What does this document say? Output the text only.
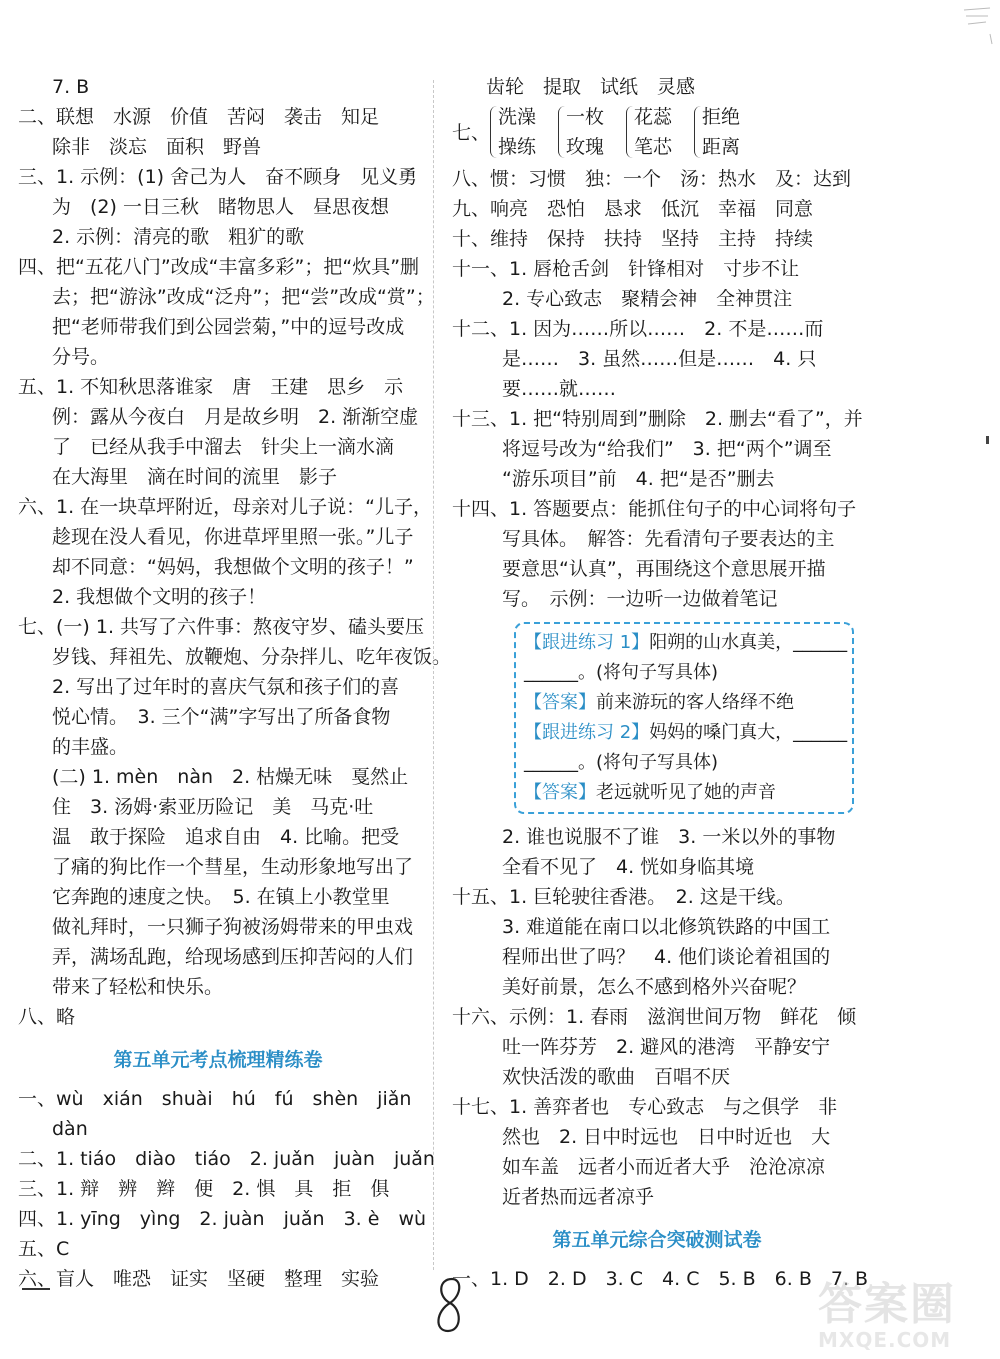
7. B
二、联想　水源　价值　苦闷　袭击　知足
除非　淡忘　面积　野兽
三、1. 示例：(1) 舍己为人　奋不顾身　见义勇
为　(2) 一日三秋　睹物思人　昼思夜想
2. 示例：清亮的歌　粗犷的歌
四、把“五花八门”改成“丰富多彩”；把“炊具”删
去；把“游泳”改成“泛舟”；把“尝”改成“赏”；
把“老师带我们到公园尝菊，”中的逗号改成
分号。
五、1. 不知秋思落谁家　唐　王建　思乡　示
例：露从今夜白　月是故乡明　2. 渐渐空虚
了　已经从我手中溜去　针尖上一滴水滴
在大海里　滴在时间的流里　影子
六、1. 在一块草坪附近，母亲对儿子说：“儿子，
趁现在没人看见，你进草坪里照一张。”儿子
却不同意：“妈妈，我想做个文明的孩子！”
2. 我想做个文明的孩子！
七、(一) 1. 共写了六件事：熬夜守岁、磕头要压
岁钱、拜祖先、放鞭炮、分杂拌儿、吃年夜饭。
2. 写出了过年时的喜庆气氛和孩子们的喜
悦心情。　3. 三个“满”字写出了所备食物
的丰盛。
(二) 1. mèn　nàn　2. 枯燥无味　戛然止
住　3. 汤姆·索亚历险记　美　马克·吐
温　敢于探险　追求自由　4. 比喻。把受
了痛的狗比作一个彗星，生动形象地写出了
它奔跑的速度之快。　5. 在镇上小教堂里
做礼拜时，一只狮子狗被汤姆带来的甲虫戏
弄，满场乱跑，给现场感到压抑苦闷的人们
带来了轻松和快乐。
八、略
第五单元考点梳理精练卷
一、wù　xián　shuài　hú　fú　shèn　jiǎn
dàn
二、1. tiáo　diào　tiáo　2. juǎn　juàn　juǎn
三、1. 辩　辨　辫　便　2. 惧　具　拒　俱
四、1. yīng　yìng　2. juàn　juǎn　3. è　wù
五、C
六、盲人　唯恐　证实　坚硬　整理　实验
齿轮　提取　试纸　灵感
七、
洗澡
操练
一枚
玫瑰
花蕊
笔芯
拒绝
距离
八、惯：习惯　独：一个　汤：热水　及：达到
九、响亮　恐怕　恳求　低沉　幸福　同意
十、维持　保持　扶持　坚持　主持　持续
十一、1. 唇枪舌剑　针锋相对　寸步不让
2. 专心致志　聚精会神　全神贯注
十二、1. 因为……所以……　2. 不是……而
是……　3. 虽然……但是……　4. 只
要……就……
十三、1. 把“特别周到”删除　2. 删去“看了”，并
将逗号改为“给我们”　3. 把“两个”调至
“游乐项目”前　4. 把“是否”删去
十四、1. 答题要点：能抓住句子的中心词将句子
写具体。　解答：先看清句子要表达的主
要意思“认真”，再围绕这个意思展开描
写。　示例：一边听一边做着笔记
【跟进练习 1】阳朔的山水真美，______
______。(将句子写具体)
【答案】前来游玩的客人络绎不绝
【跟进练习 2】妈妈的嗓门真大，______
______。(将句子写具体)
【答案】老远就听见了她的声音
2. 谁也说服不了谁　3. 一米以外的事物
全看不见了　4. 恍如身临其境
十五、1. 巨轮驶往香港。　2. 这是干线。
3. 难道能在南口以北修筑铁路的中国工
程师出世了吗？　4. 他们谈论着祖国的
美好前景，怎么不感到格外兴奋呢？
十六、示例：1. 春雨　滋润世间万物　鲜花　倾
吐一阵芬芳　2. 避风的港湾　平静安宁
欢快活泼的歌曲　百唱不厌
十七、1. 善弈者也　专心致志　与之俱学　非
然也　2. 日中时远也　日中时近也　大
如车盖　远者小而近者大乎　沧沧凉凉
近者热而远者凉乎
第五单元综合突破测试卷
一、1. D　2. D　3. C　4. C　5. B　6. B　7. B
答案圈
MXQE.COM
